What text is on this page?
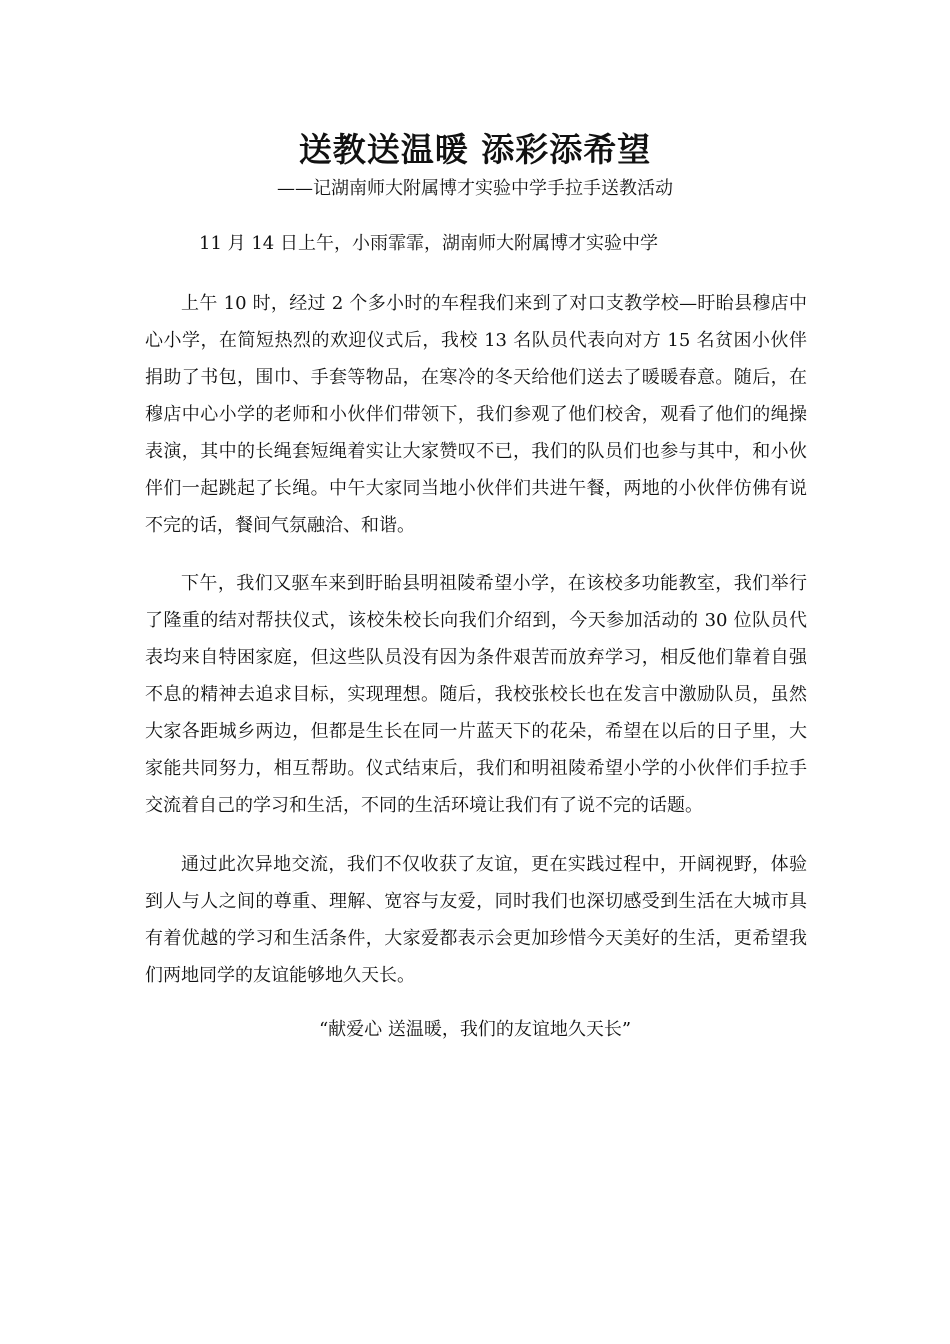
送教送温暖 添彩添希望

——记湖南师大附属博才实验中学手拉手送教活动

11 月 14 日上午，小雨霏霏，湖南师大附属博才实验中学

上午 10 时，经过 2 个多小时的车程我们来到了对口支教学校—盱眙县穆店中心小学，在简短热烈的欢迎仪式后，我校 13 名队员代表向对方 15 名贫困小伙伴捐助了书包，围巾、手套等物品，在寒冷的冬天给他们送去了暖暖春意。随后，在穆店中心小学的老师和小伙伴们带领下，我们参观了他们校舍，观看了他们的绳操表演，其中的长绳套短绳着实让大家赞叹不已，我们的队员们也参与其中，和小伙伴们一起跳起了长绳。中午大家同当地小伙伴们共进午餐，两地的小伙伴仿佛有说不完的话，餐间气氛融洽、和谐。

下午，我们又驱车来到盱眙县明祖陵希望小学，在该校多功能教室，我们举行了隆重的结对帮扶仪式，该校朱校长向我们介绍到，今天参加活动的 30 位队员代表均来自特困家庭，但这些队员没有因为条件艰苦而放弃学习，相反他们靠着自强不息的精神去追求目标，实现理想。随后，我校张校长也在发言中激励队员，虽然大家各距城乡两边，但都是生长在同一片蓝天下的花朵，希望在以后的日子里，大家能共同努力，相互帮助。仪式结束后，我们和明祖陵希望小学的小伙伴们手拉手交流着自己的学习和生活，不同的生活环境让我们有了说不完的话题。

通过此次异地交流，我们不仅收获了友谊，更在实践过程中，开阔视野，体验到人与人之间的尊重、理解、宽容与友爱，同时我们也深切感受到生活在大城市具有着优越的学习和生活条件，大家爱都表示会更加珍惜今天美好的生活，更希望我们两地同学的友谊能够地久天长。

“献爱心 送温暖，我们的友谊地久天长”
